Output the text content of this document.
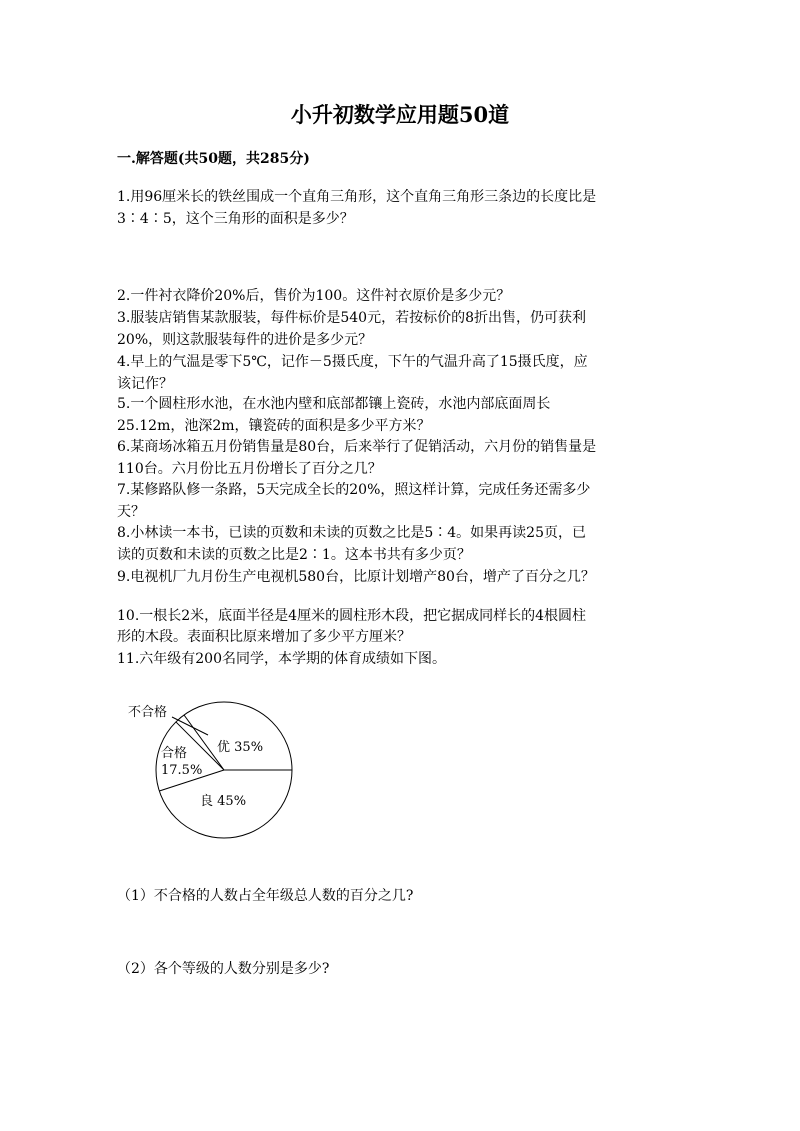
小升初数学应用题50道
一.解答题(共50题，共285分)
1.用96厘米长的铁丝围成一个直角三角形，这个直角三角形三条边的长度比是
3∶4∶5，这个三角形的面积是多少？
2.一件衬衣降价20%后，售价为100。这件衬衣原价是多少元？
3.服装店销售某款服装，每件标价是540元，若按标价的8折出售，仍可获利
20%，则这款服装每件的进价是多少元？
4.早上的气温是零下5℃，记作－5摄氏度，下午的气温升高了15摄氏度，应
该记作？
5.一个圆柱形水池，在水池内壁和底部都镶上瓷砖，水池内部底面周长
25.12m，池深2m，镶瓷砖的面积是多少平方米？
6.某商场冰箱五月份销售量是80台，后来举行了促销活动，六月份的销售量是
110台。六月份比五月份增长了百分之几？
7.某修路队修一条路，5天完成全长的20%，照这样计算，完成任务还需多少
天？
8.小林读一本书，已读的页数和未读的页数之比是5∶4。如果再读25页，已
读的页数和未读的页数之比是2∶1。这本书共有多少页？
9.电视机厂九月份生产电视机580台，比原计划增产80台，增产了百分之几？
10.一根长2米，底面半径是4厘米的圆柱形木段，把它据成同样长的4根圆柱
形的木段。表面积比原来增加了多少平方厘米？
11.六年级有200名同学，本学期的体育成绩如下图。
优 35%
良 45%
合格
17.5%
不合格
（1）不合格的人数占全年级总人数的百分之几?
（2）各个等级的人数分别是多少?
